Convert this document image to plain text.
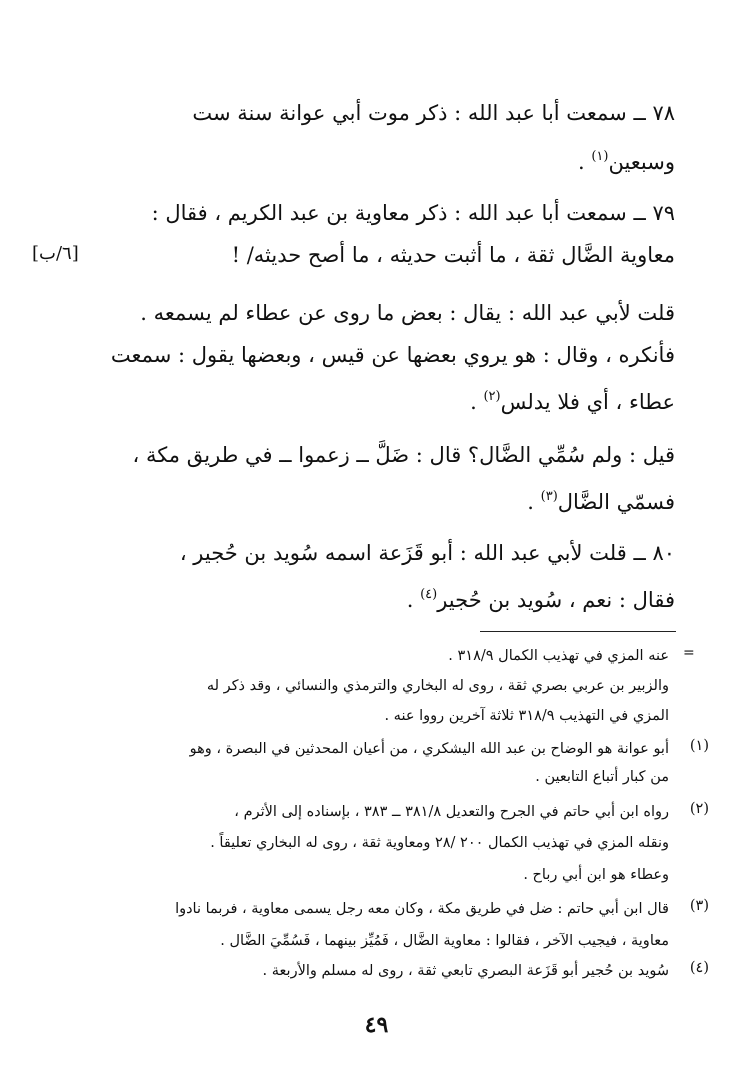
٧٨ ــ سمعت أبا عبد الله : ذكر موت أبي عوانة سنة ست
وسبعين$^{(١)}$ .
٧٩ ــ سمعت أبا عبد الله : ذكر معاوية بن عبد الكريم ، فقال :
معاوية الضَّال ثقة ، ما أثبت حديثه ، ما أصح حديثه/ !
[٦/ب]
قلت لأبي عبد الله : يقال : بعض ما روى عن عطاء لم يسمعه .
فأنكره ، وقال : هو يروي بعضها عن قيس ، وبعضها يقول : سمعت
عطاء ، أي فلا يدلس$^{(٢)}$ .
قيل : ولم سُمِّي الضَّال؟ قال : ضَلَّ ــ زعموا ــ في طريق مكة ،
فسمّي الضَّال$^{(٣)}$ .
٨٠ ــ قلت لأبي عبد الله : أبو قَزَعة اسمه سُويد بن حُجير ،
فقال : نعم ، سُويد بن حُجير$^{(٤)}$ .
=
عنه المزي في تهذيب الكمال ٣١٨/٩ .
والزبير بن عربي بصري ثقة ، روى له البخاري والترمذي والنسائي ، وقد ذكر له
المزي في التهذيب ٣١٨/٩ ثلاثة آخرين رووا عنه .
(١)
أبو عوانة هو الوضاح بن عبد الله اليشكري ، من أعيان المحدثين في البصرة ، وهو
من كبار أتباع التابعين .
(٢)
رواه ابن أبي حاتم في الجرح والتعديل ٣٨١/٨ ــ ٣٨٣ ، بإسناده إلى الأثرم ،
ونقله المزي في تهذيب الكمال ٢٠٠ /٢٨ ومعاوية ثقة ، روى له البخاري تعليقاً .
وعطاء هو ابن أبي رباح .
(٣)
قال ابن أبي حاتم : ضل في طريق مكة ، وكان معه رجل يسمى معاوية ، فربما نادوا
معاوية ، فيجيب الآخر ، فقالوا : معاوية الضَّال ، فَمُيِّز بينهما ، فَسُمِّيَ الضَّال .
(٤)
سُويد بن حُجير أبو قَزَعة البصري تابعي ثقة ، روى له مسلم والأربعة .
٤٩
